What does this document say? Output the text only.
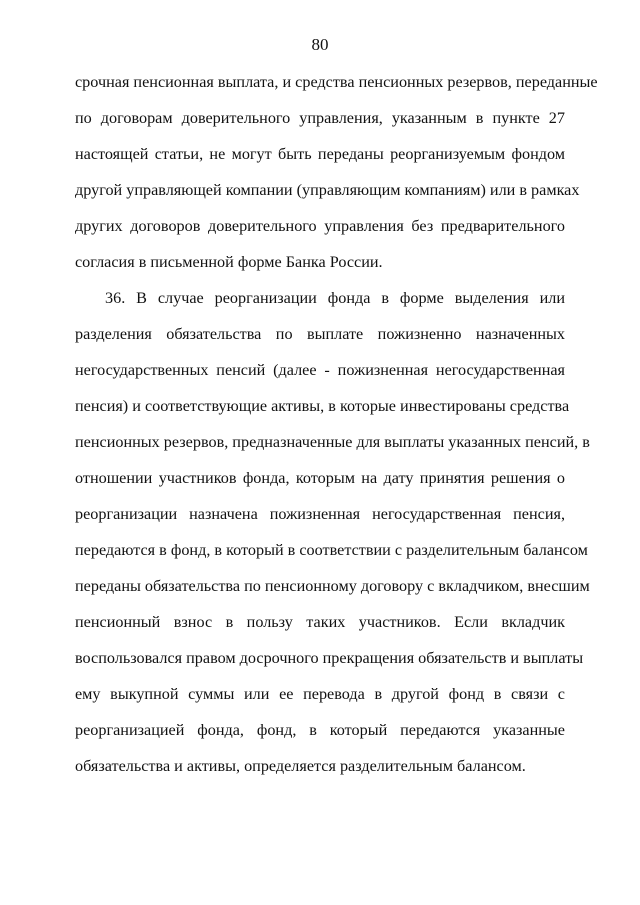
80
срочная пенсионная выплата, и средства пенсионных резервов, переданные
по договорам доверительного управления, указанным в пункте 27
настоящей статьи, не могут быть переданы реорганизуемым фондом
другой управляющей компании (управляющим компаниям) или в рамках
других договоров доверительного управления без предварительного
согласия в письменной форме Банка России.
36. В случае реорганизации фонда в форме выделения или
разделения обязательства по выплате пожизненно назначенных
негосударственных пенсий (далее - пожизненная негосударственная
пенсия) и соответствующие активы, в которые инвестированы средства
пенсионных резервов, предназначенные для выплаты указанных пенсий, в
отношении участников фонда, которым на дату принятия решения о
реорганизации назначена пожизненная негосударственная пенсия,
передаются в фонд, в который в соответствии с разделительным балансом
переданы обязательства по пенсионному договору с вкладчиком, внесшим
пенсионный взнос в пользу таких участников. Если вкладчик
воспользовался правом досрочного прекращения обязательств и выплаты
ему выкупной суммы или ее перевода в другой фонд в связи с
реорганизацией фонда, фонд, в который передаются указанные
обязательства и активы, определяется разделительным балансом.
